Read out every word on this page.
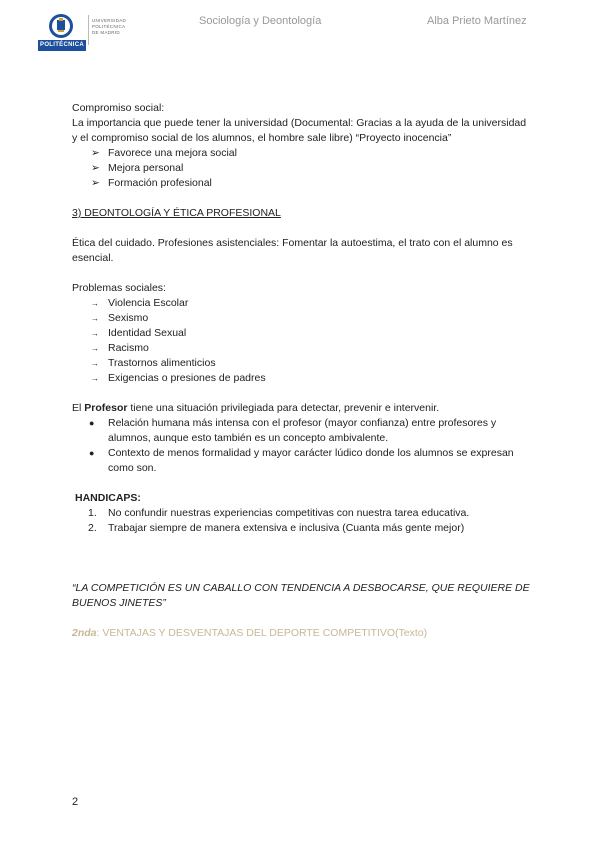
POLITÉCNICA
UNIVERSIDAD
POLITÉCNICA
DE MADRID
Sociología y Deontología	Alba Prieto Martínez

Compromiso social:

La importancia que puede tener la universidad (Documental: Gracias a la ayuda de la universidad y el compromiso social de los alumnos, el hombre sale libre) “Proyecto inocencia”

➢ Favorece una mejora social
➢ Mejora personal
➢ Formación profesional

3) DEONTOLOGÍA Y ÉTICA PROFESIONAL

Ética del cuidado. Profesiones asistenciales: Fomentar la autoestima, el trato con el alumno es esencial.

Problemas sociales:

→ Violencia Escolar
→ Sexismo
→ Identidad Sexual
→ Racismo
→ Trastornos alimenticios
→ Exigencias o presiones de padres

El Profesor tiene una situación privilegiada para detectar, prevenir e intervenir.

●	Relación humana más intensa con el profesor (mayor confianza) entre profesores y alumnos, aunque esto también es un concepto ambivalente.
●	Contexto de menos formalidad y mayor carácter lúdico donde los alumnos se expresan como son.

HANDICAPS:

1.	No confundir nuestras experiencias competitivas con nuestra tarea educativa.
2.	Trabajar siempre de manera extensiva e inclusiva (Cuanta más gente mejor)

“LA COMPETICIÓN ES UN CABALLO CON TENDENCIA A DESBOCARSE, QUE REQUIERE DE BUENOS JINETES”

2nda: VENTAJAS Y DESVENTAJAS DEL DEPORTE COMPETITIVO(Texto)

2
